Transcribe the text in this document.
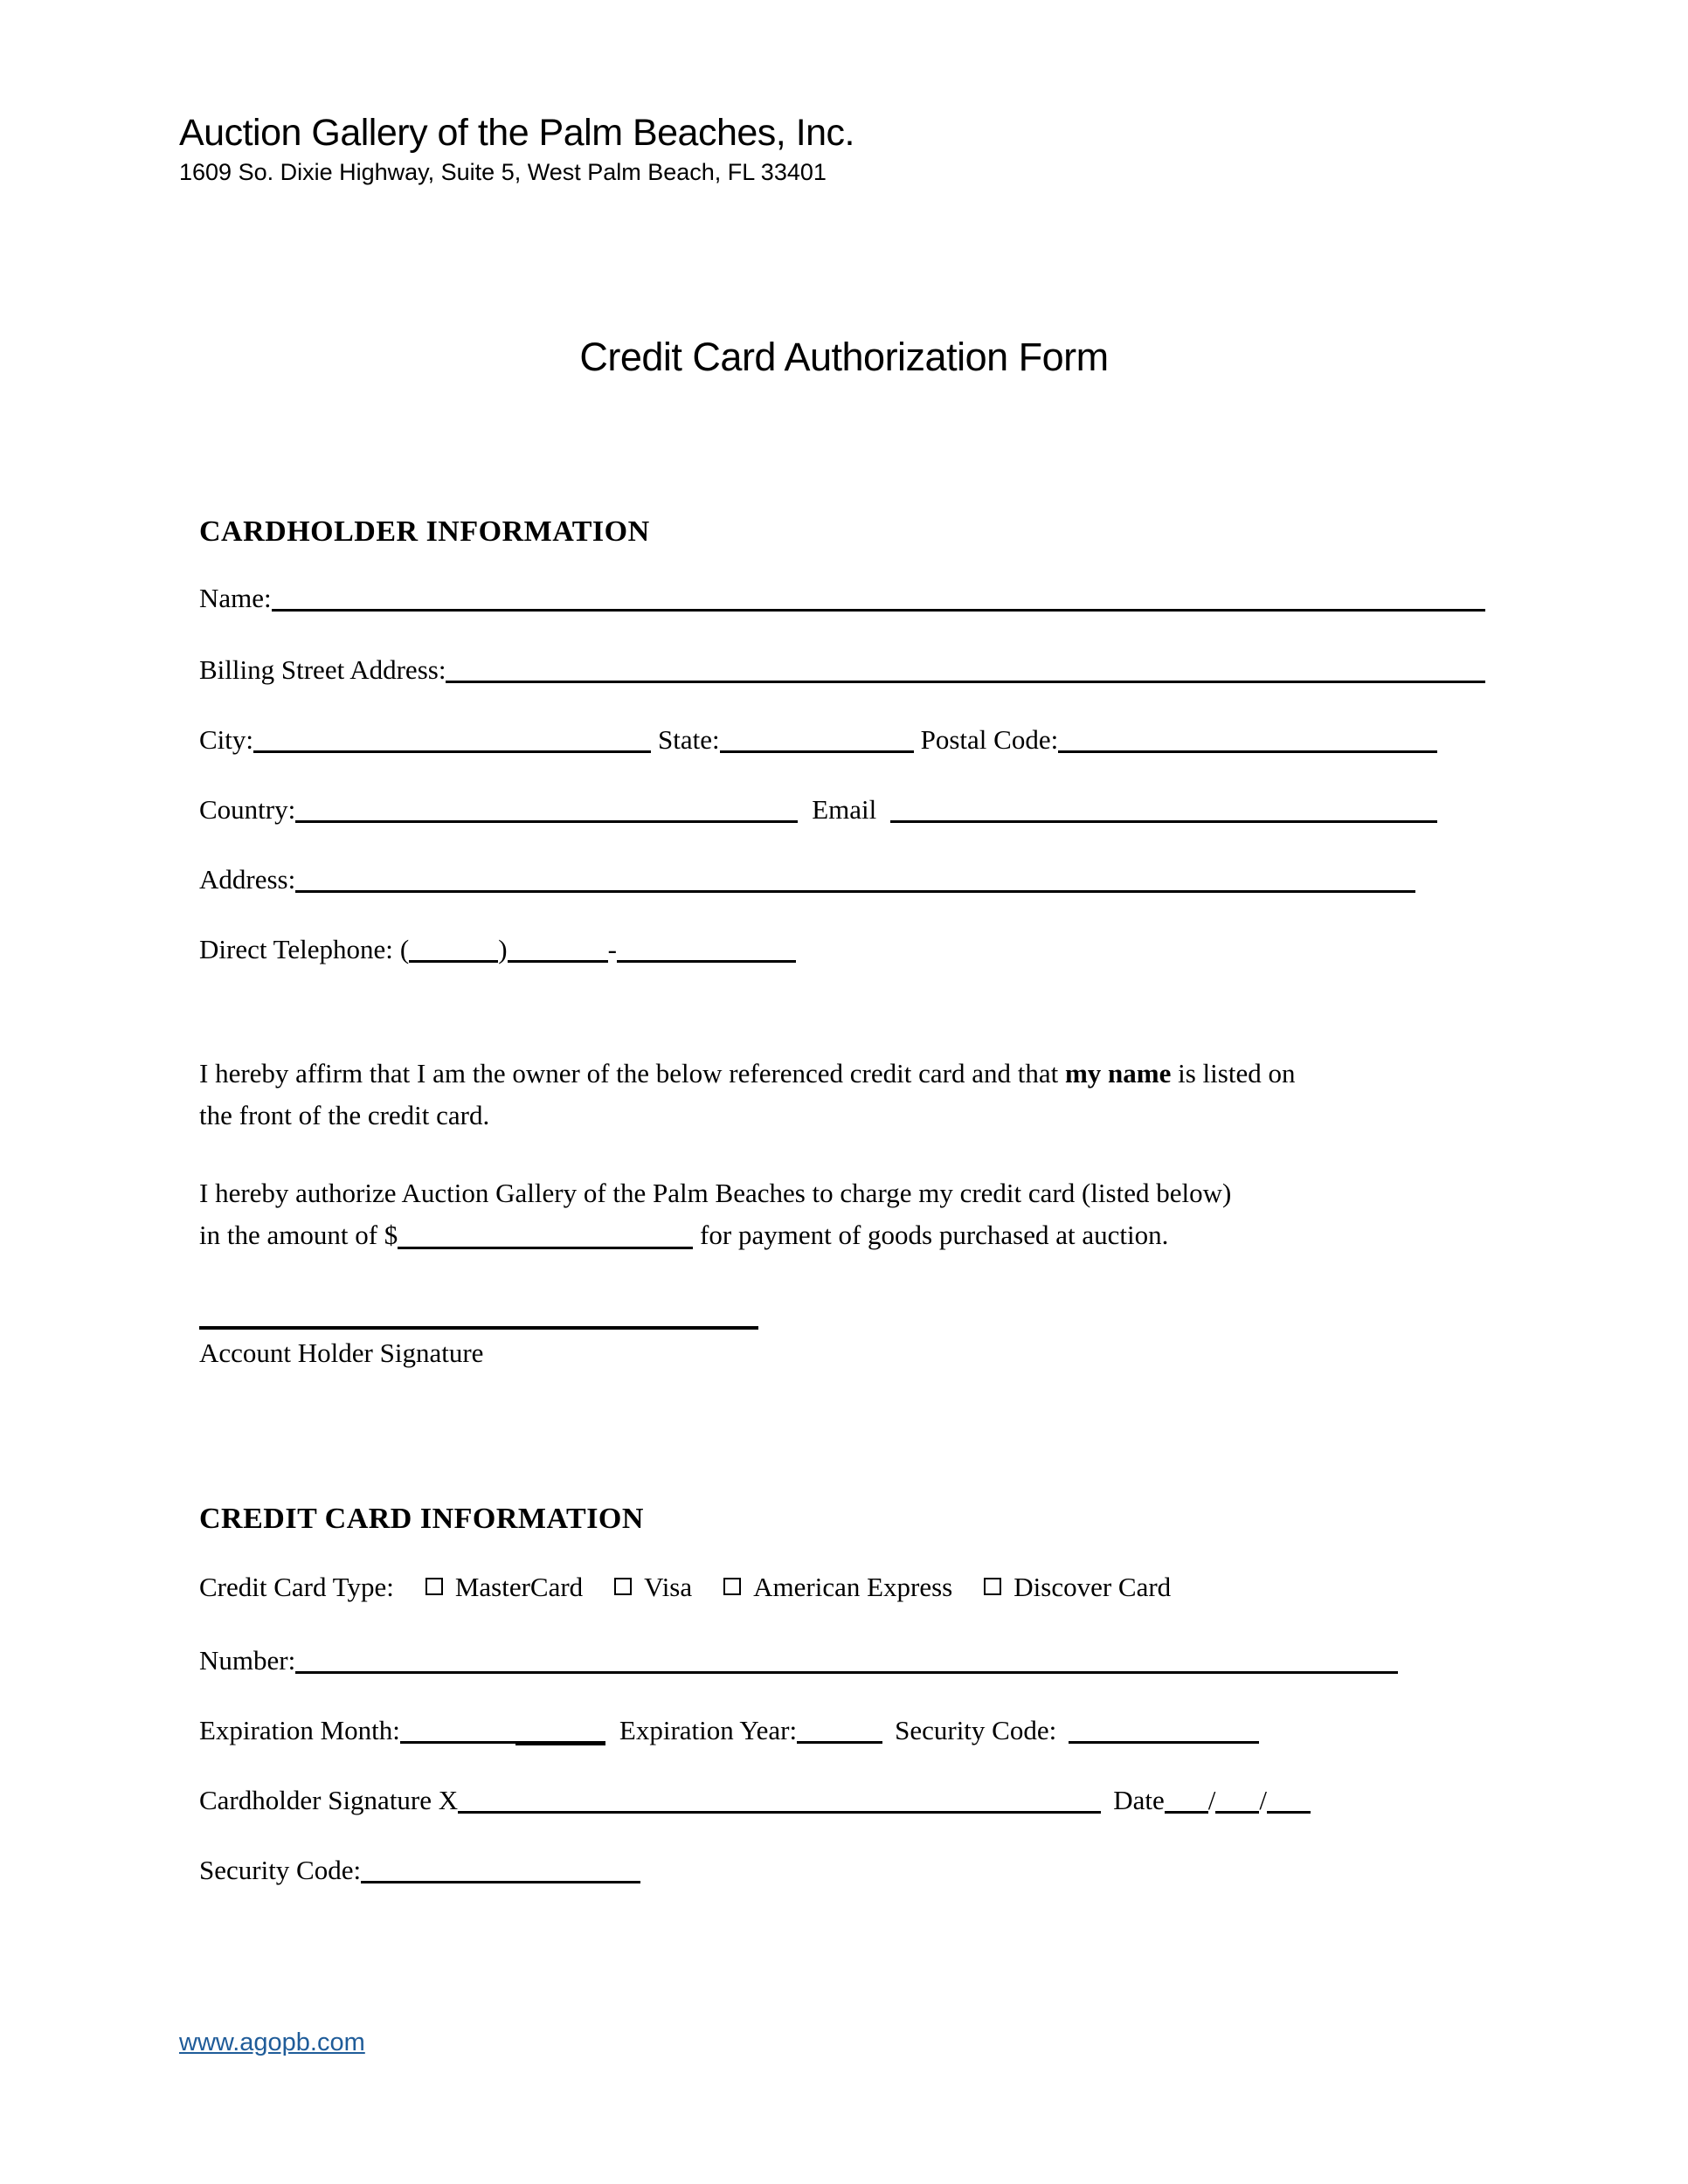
Auction Gallery of the Palm Beaches, Inc.
1609 So. Dixie Highway, Suite 5, West Palm Beach, FL 33401
Credit Card Authorization Form
CARDHOLDER INFORMATION
Name:
Billing Street Address:
City:	State:	Postal Code:
Country:	Email
Address:
Direct Telephone: (	)	-
I hereby affirm that I am the owner of the below referenced credit card and that my name is listed on
the front of the credit card.
I hereby authorize Auction Gallery of the Palm Beaches to charge my credit card (listed below)
in the amount of $	for payment of goods purchased at auction.
Account Holder Signature
CREDIT CARD INFORMATION
Credit Card Type: MasterCard Visa American Express Discover Card
Number:
Expiration Month:	Expiration Year:	Security Code:
Cardholder Signature X	Date / /
Security Code:
www.agopb.com
